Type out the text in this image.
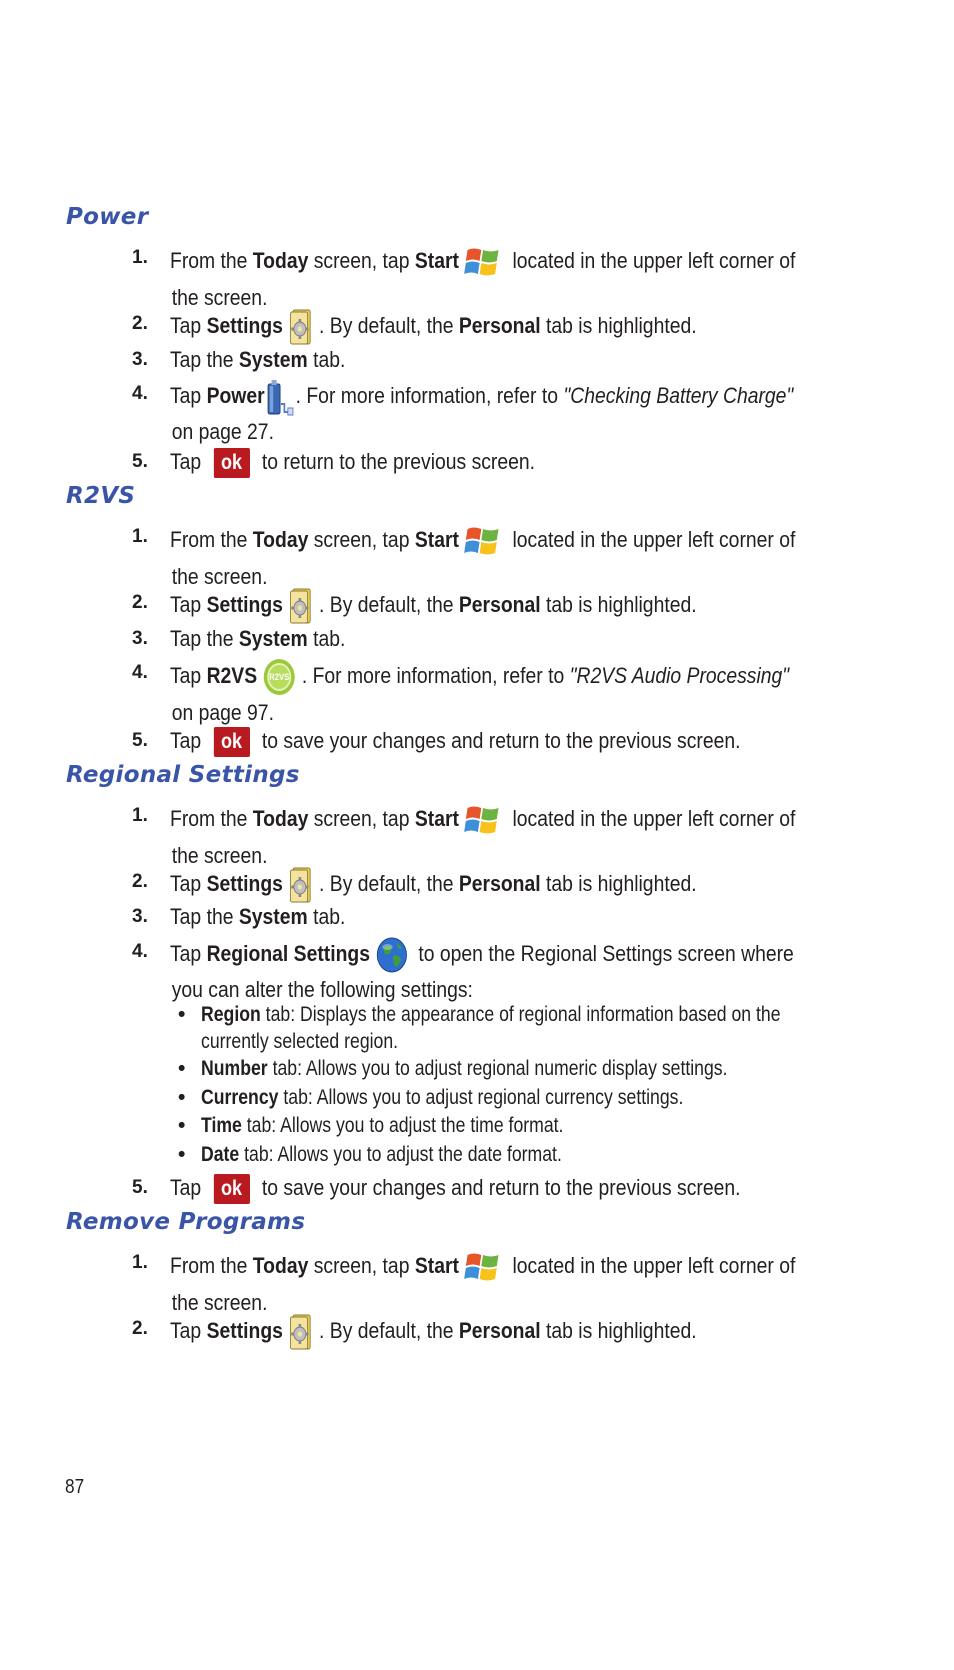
Power
1. From the Today screen, tap Start located in the upper left corner of
the screen.
2. Tap Settings . By default, the Personal tab is highlighted.
3. Tap the System tab.
4. Tap Power . For more information, refer to "Checking Battery Charge"
on page 27.
5. Tap ok to return to the previous screen.
R2VS
1. From the Today screen, tap Start located in the upper left corner of
the screen.
2. Tap Settings . By default, the Personal tab is highlighted.
3. Tap the System tab.
4. Tap R2VS . For more information, refer to "R2VS Audio Processing"
on page 97.
5. Tap ok to save your changes and return to the previous screen.
Regional Settings
1. From the Today screen, tap Start located in the upper left corner of
the screen.
2. Tap Settings . By default, the Personal tab is highlighted.
3. Tap the System tab.
4. Tap Regional Settings to open the Regional Settings screen where
you can alter the following settings:
• Region tab: Displays the appearance of regional information based on the
currently selected region.
• Number tab: Allows you to adjust regional numeric display settings.
• Currency tab: Allows you to adjust regional currency settings.
• Time tab: Allows you to adjust the time format.
• Date tab: Allows you to adjust the date format.
5. Tap ok to save your changes and return to the previous screen.
Remove Programs
1. From the Today screen, tap Start located in the upper left corner of
the screen.
2. Tap Settings . By default, the Personal tab is highlighted.
87
